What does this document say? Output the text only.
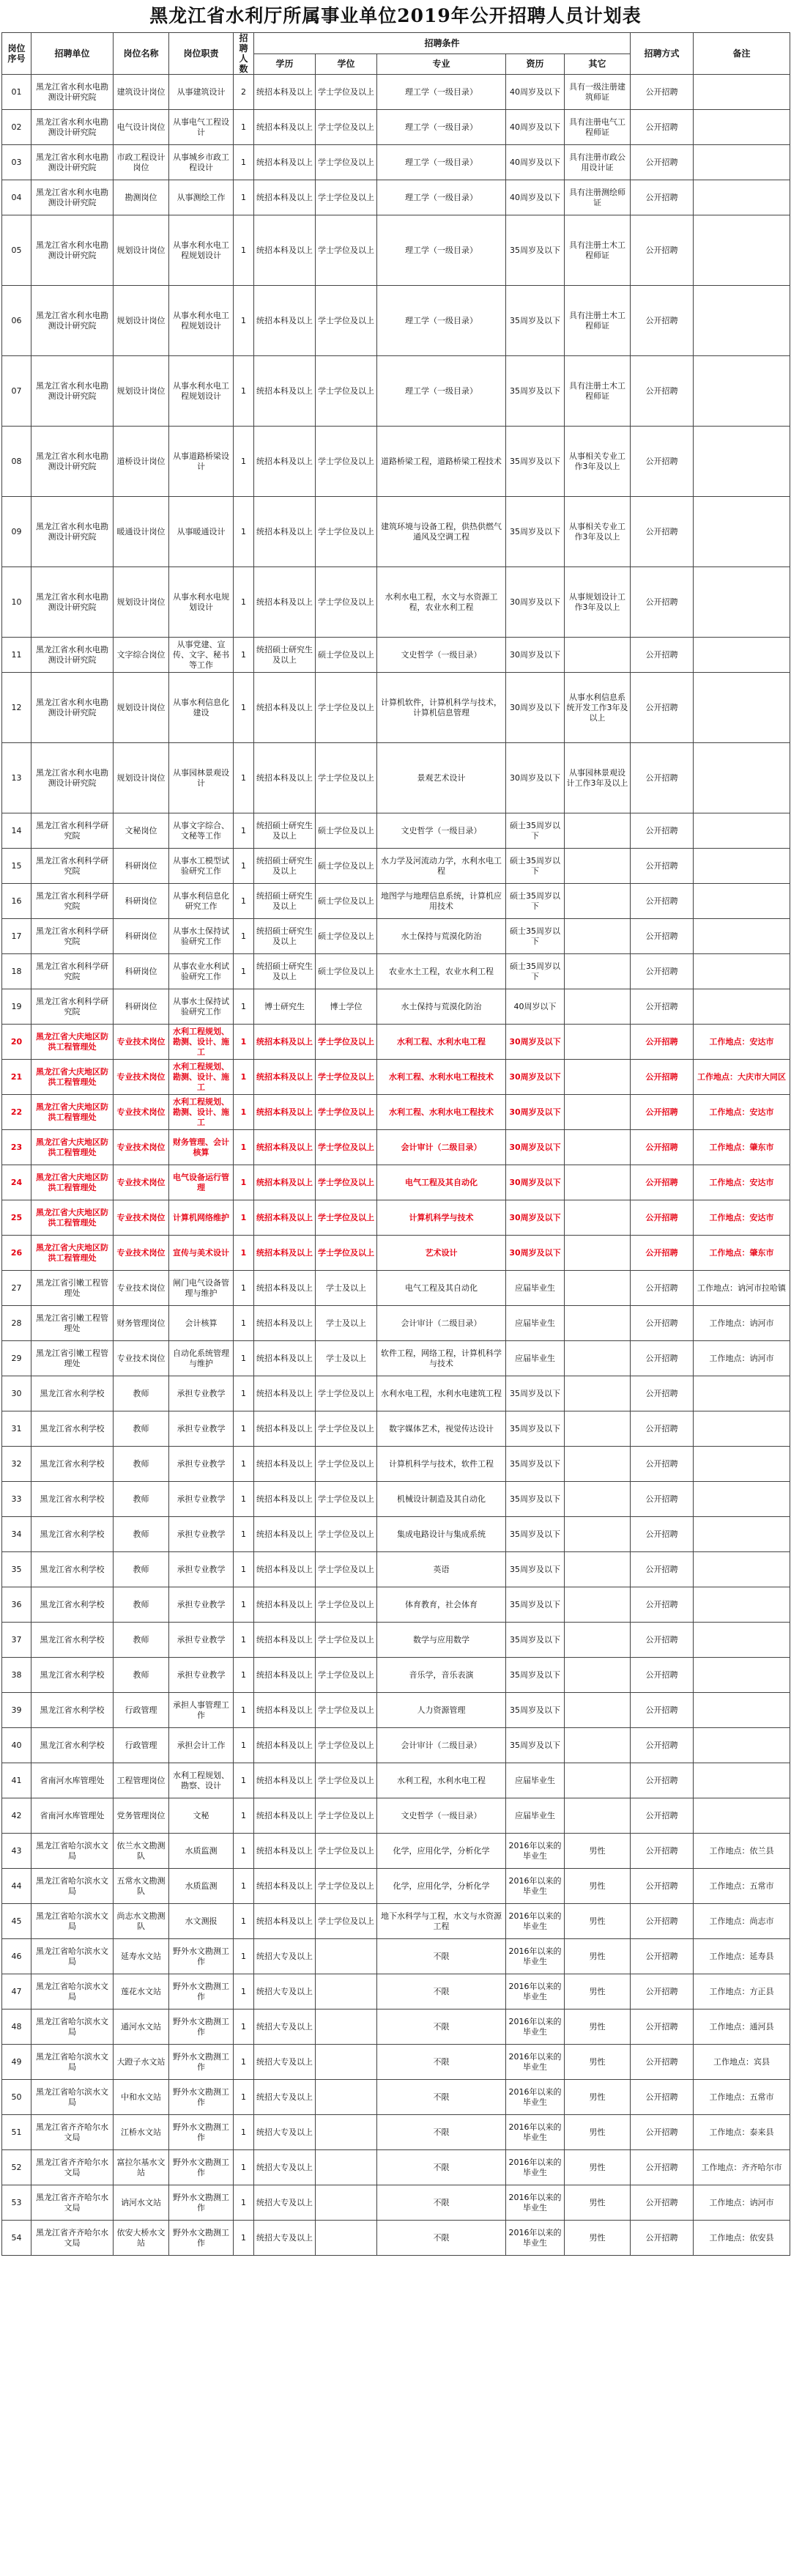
黑龙江省水利厅所属事业单位2019年公开招聘人员计划表
岗位序号	招聘单位	岗位名称	岗位职责	招聘人数	招聘条件					招聘方式	备注
					学历	学位	专业	资历	其它		
01	黑龙江省水利水电勘测设计研究院	建筑设计岗位	从事建筑设计	2	统招本科及以上	学士学位及以上	理工学（一级目录）	40周岁及以下	具有一级注册建筑师证	公开招聘	
02	黑龙江省水利水电勘测设计研究院	电气设计岗位	从事电气工程设计	1	统招本科及以上	学士学位及以上	理工学（一级目录）	40周岁及以下	具有注册电气工程师证	公开招聘	
03	黑龙江省水利水电勘测设计研究院	市政工程设计岗位	从事城乡市政工程设计	1	统招本科及以上	学士学位及以上	理工学（一级目录）	40周岁及以下	具有注册市政公用设计证	公开招聘	
04	黑龙江省水利水电勘测设计研究院	勘测岗位	从事测绘工作	1	统招本科及以上	学士学位及以上	理工学（一级目录）	40周岁及以下	具有注册测绘师证	公开招聘	
05	黑龙江省水利水电勘测设计研究院	规划设计岗位	从事水利水电工程规划设计	1	统招本科及以上	学士学位及以上	理工学（一级目录）	35周岁及以下	具有注册土木工程师证	公开招聘	
06	黑龙江省水利水电勘测设计研究院	规划设计岗位	从事水利水电工程规划设计	1	统招本科及以上	学士学位及以上	理工学（一级目录）	35周岁及以下	具有注册土木工程师证	公开招聘	
07	黑龙江省水利水电勘测设计研究院	规划设计岗位	从事水利水电工程规划设计	1	统招本科及以上	学士学位及以上	理工学（一级目录）	35周岁及以下	具有注册土木工程师证	公开招聘	
08	黑龙江省水利水电勘测设计研究院	道桥设计岗位	从事道路桥梁设计	1	统招本科及以上	学士学位及以上	道路桥梁工程，道路桥梁工程技术	35周岁及以下	从事相关专业工作3年及以上	公开招聘	
09	黑龙江省水利水电勘测设计研究院	暖通设计岗位	从事暖通设计	1	统招本科及以上	学士学位及以上	建筑环境与设备工程，供热供燃气通风及空调工程	35周岁及以下	从事相关专业工作3年及以上	公开招聘	
10	黑龙江省水利水电勘测设计研究院	规划设计岗位	从事水利水电规划设计	1	统招本科及以上	学士学位及以上	水利水电工程，水文与水资源工程，农业水利工程	30周岁及以下	从事规划设计工作3年及以上	公开招聘	
11	黑龙江省水利水电勘测设计研究院	文字综合岗位	从事党建、宣传、文字、秘书等工作	1	统招硕士研究生及以上	硕士学位及以上	文史哲学（一级目录）	30周岁及以下		公开招聘	
12	黑龙江省水利水电勘测设计研究院	规划设计岗位	从事水利信息化建设	1	统招本科及以上	学士学位及以上	计算机软件，计算机科学与技术，计算机信息管理	30周岁及以下	从事水利信息系统开发工作3年及以上	公开招聘	
13	黑龙江省水利水电勘测设计研究院	规划设计岗位	从事园林景观设计	1	统招本科及以上	学士学位及以上	景观艺术设计	30周岁及以下	从事园林景观设计工作3年及以上	公开招聘	
14	黑龙江省水利科学研究院	文秘岗位	从事文字综合、文秘等工作	1	统招硕士研究生及以上	硕士学位及以上	文史哲学（一级目录）	硕士35周岁以下		公开招聘	
15	黑龙江省水利科学研究院	科研岗位	从事水工模型试验研究工作	1	统招硕士研究生及以上	硕士学位及以上	水力学及河流动力学，水利水电工程	硕士35周岁以下		公开招聘	
16	黑龙江省水利科学研究院	科研岗位	从事水利信息化研究工作	1	统招硕士研究生及以上	硕士学位及以上	地图学与地理信息系统，计算机应用技术	硕士35周岁以下		公开招聘	
17	黑龙江省水利科学研究院	科研岗位	从事水土保持试验研究工作	1	统招硕士研究生及以上	硕士学位及以上	水土保持与荒漠化防治	硕士35周岁以下		公开招聘	
18	黑龙江省水利科学研究院	科研岗位	从事农业水利试验研究工作	1	统招硕士研究生及以上	硕士学位及以上	农业水土工程，农业水利工程	硕士35周岁以下		公开招聘	
19	黑龙江省水利科学研究院	科研岗位	从事水土保持试验研究工作	1	博士研究生	博士学位	水土保持与荒漠化防治	40周岁以下		公开招聘	
20	黑龙江省大庆地区防洪工程管理处	专业技术岗位	水利工程规划、勘测、设计、施工	1	统招本科及以上	学士学位及以上	水利工程、水利水电工程	30周岁及以下		公开招聘	工作地点：安达市
21	黑龙江省大庆地区防洪工程管理处	专业技术岗位	水利工程规划、勘测、设计、施工	1	统招本科及以上	学士学位及以上	水利工程、水利水电工程技术	30周岁及以下		公开招聘	工作地点：大庆市大同区
22	黑龙江省大庆地区防洪工程管理处	专业技术岗位	水利工程规划、勘测、设计、施工	1	统招本科及以上	学士学位及以上	水利工程、水利水电工程技术	30周岁及以下		公开招聘	工作地点：安达市
23	黑龙江省大庆地区防洪工程管理处	专业技术岗位	财务管理、会计核算	1	统招本科及以上	学士学位及以上	会计审计（二级目录）	30周岁及以下		公开招聘	工作地点：肇东市
24	黑龙江省大庆地区防洪工程管理处	专业技术岗位	电气设备运行管理	1	统招本科及以上	学士学位及以上	电气工程及其自动化	30周岁及以下		公开招聘	工作地点：安达市
25	黑龙江省大庆地区防洪工程管理处	专业技术岗位	计算机网络维护	1	统招本科及以上	学士学位及以上	计算机科学与技术	30周岁及以下		公开招聘	工作地点：安达市
26	黑龙江省大庆地区防洪工程管理处	专业技术岗位	宣传与美术设计	1	统招本科及以上	学士学位及以上	艺术设计	30周岁及以下		公开招聘	工作地点：肇东市
27	黑龙江省引嫩工程管理处	专业技术岗位	闸门电气设备管理与维护	1	统招本科及以上	学士及以上	电气工程及其自动化	应届毕业生		公开招聘	工作地点：讷河市拉哈镇
28	黑龙江省引嫩工程管理处	财务管理岗位	会计核算	1	统招本科及以上	学士及以上	会计审计（二级目录）	应届毕业生		公开招聘	工作地点：讷河市
29	黑龙江省引嫩工程管理处	专业技术岗位	自动化系统管理与维护	1	统招本科及以上	学士及以上	软件工程，网络工程，计算机科学与技术	应届毕业生		公开招聘	工作地点：讷河市
30	黑龙江省水利学校	教师	承担专业教学	1	统招本科及以上	学士学位及以上	水利水电工程，水利水电建筑工程	35周岁及以下		公开招聘	
31	黑龙江省水利学校	教师	承担专业教学	1	统招本科及以上	学士学位及以上	数字媒体艺术，视觉传达设计	35周岁及以下		公开招聘	
32	黑龙江省水利学校	教师	承担专业教学	1	统招本科及以上	学士学位及以上	计算机科学与技术，软件工程	35周岁及以下		公开招聘	
33	黑龙江省水利学校	教师	承担专业教学	1	统招本科及以上	学士学位及以上	机械设计制造及其自动化	35周岁及以下		公开招聘	
34	黑龙江省水利学校	教师	承担专业教学	1	统招本科及以上	学士学位及以上	集成电路设计与集成系统	35周岁及以下		公开招聘	
35	黑龙江省水利学校	教师	承担专业教学	1	统招本科及以上	学士学位及以上	英语	35周岁及以下		公开招聘	
36	黑龙江省水利学校	教师	承担专业教学	1	统招本科及以上	学士学位及以上	体育教育，社会体育	35周岁及以下		公开招聘	
37	黑龙江省水利学校	教师	承担专业教学	1	统招本科及以上	学士学位及以上	数学与应用数学	35周岁及以下		公开招聘	
38	黑龙江省水利学校	教师	承担专业教学	1	统招本科及以上	学士学位及以上	音乐学，音乐表演	35周岁及以下		公开招聘	
39	黑龙江省水利学校	行政管理	承担人事管理工作	1	统招本科及以上	学士学位及以上	人力资源管理	35周岁及以下		公开招聘	
40	黑龙江省水利学校	行政管理	承担会计工作	1	统招本科及以上	学士学位及以上	会计审计（二级目录）	35周岁及以下		公开招聘	
41	省南河水库管理处	工程管理岗位	水利工程规划、勘察、设计	1	统招本科及以上	学士学位及以上	水利工程，水利水电工程	应届毕业生		公开招聘	
42	省南河水库管理处	党务管理岗位	文秘	1	统招本科及以上	学士学位及以上	文史哲学（一级目录）	应届毕业生		公开招聘	
43	黑龙江省哈尔滨水文局	依兰水文勘测队	水质监测	1	统招本科及以上	学士学位及以上	化学，应用化学，分析化学	2016年以来的毕业生	男性	公开招聘	工作地点：依兰县
44	黑龙江省哈尔滨水文局	五常水文勘测队	水质监测	1	统招本科及以上	学士学位及以上	化学，应用化学，分析化学	2016年以来的毕业生	男性	公开招聘	工作地点：五常市
45	黑龙江省哈尔滨水文局	尚志水文勘测队	水文测报	1	统招本科及以上	学士学位及以上	地下水科学与工程，水文与水资源工程	2016年以来的毕业生	男性	公开招聘	工作地点：尚志市
46	黑龙江省哈尔滨水文局	延寿水文站	野外水文勘测工作	1	统招大专及以上		不限	2016年以来的毕业生	男性	公开招聘	工作地点：延寿县
47	黑龙江省哈尔滨水文局	莲花水文站	野外水文勘测工作	1	统招大专及以上		不限	2016年以来的毕业生	男性	公开招聘	工作地点：方正县
48	黑龙江省哈尔滨水文局	通河水文站	野外水文勘测工作	1	统招大专及以上		不限	2016年以来的毕业生	男性	公开招聘	工作地点：通河县
49	黑龙江省哈尔滨水文局	大蹬子水文站	野外水文勘测工作	1	统招大专及以上		不限	2016年以来的毕业生	男性	公开招聘	工作地点：宾县
50	黑龙江省哈尔滨水文局	中和水文站	野外水文勘测工作	1	统招大专及以上		不限	2016年以来的毕业生	男性	公开招聘	工作地点：五常市
51	黑龙江省齐齐哈尔水文局	江桥水文站	野外水文勘测工作	1	统招大专及以上		不限	2016年以来的毕业生	男性	公开招聘	工作地点：泰来县
52	黑龙江省齐齐哈尔水文局	富拉尔基水文站	野外水文勘测工作	1	统招大专及以上		不限	2016年以来的毕业生	男性	公开招聘	工作地点：齐齐哈尔市
53	黑龙江省齐齐哈尔水文局	讷河水文站	野外水文勘测工作	1	统招大专及以上		不限	2016年以来的毕业生	男性	公开招聘	工作地点：讷河市
54	黑龙江省齐齐哈尔水文局	依安大桥水文站	野外水文勘测工作	1	统招大专及以上		不限	2016年以来的毕业生	男性	公开招聘	工作地点：依安县
